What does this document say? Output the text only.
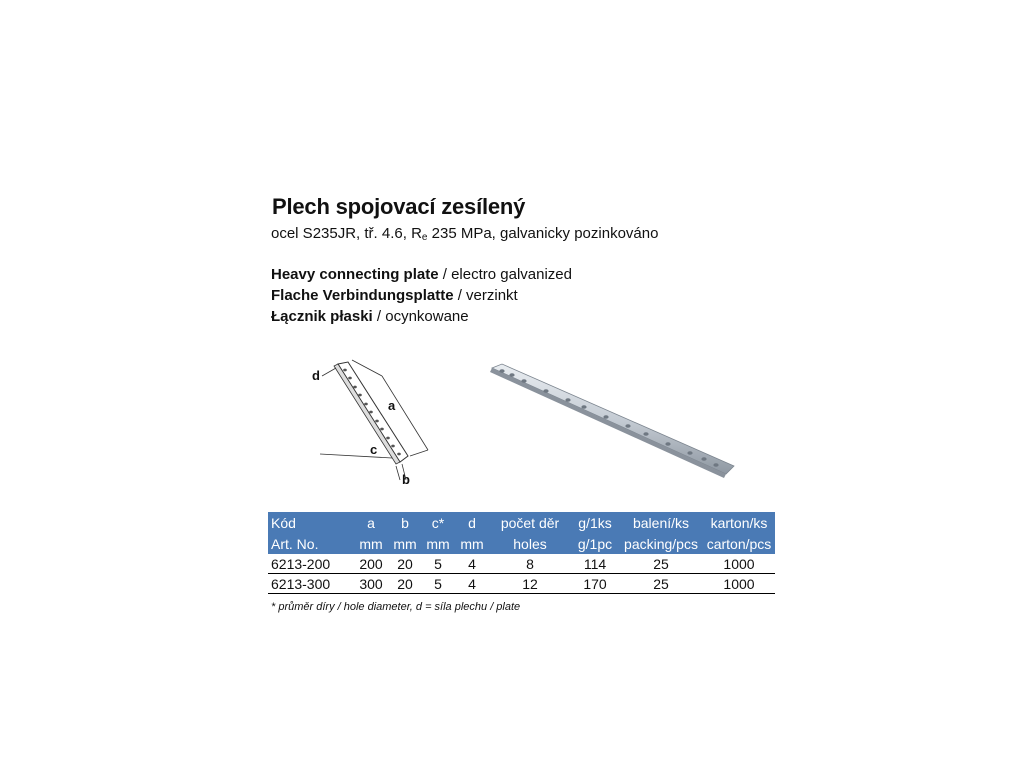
Plech spojovací zesílený
ocel S235JR, tř. 4.6, $R_e$ 235 MPa, galvanicky pozinkováno
Heavy connecting plate / electro galvanized
Flache Verbindungsplatte / verzinkt
Łącznik płaski / ocynkowane
d
a
c
b
Kód	a	b	c*	d	počet děr	g/1ks	balení/ks	karton/ks
Art. No.	mm	mm	mm	mm	holes	g/1pc	packing/pcs	carton/pcs
6213-200	200	20	5	4	8	114	25	1000
6213-300	300	20	5	4	12	170	25	1000
* průměr díry / hole diameter, d = síla plechu / plate
